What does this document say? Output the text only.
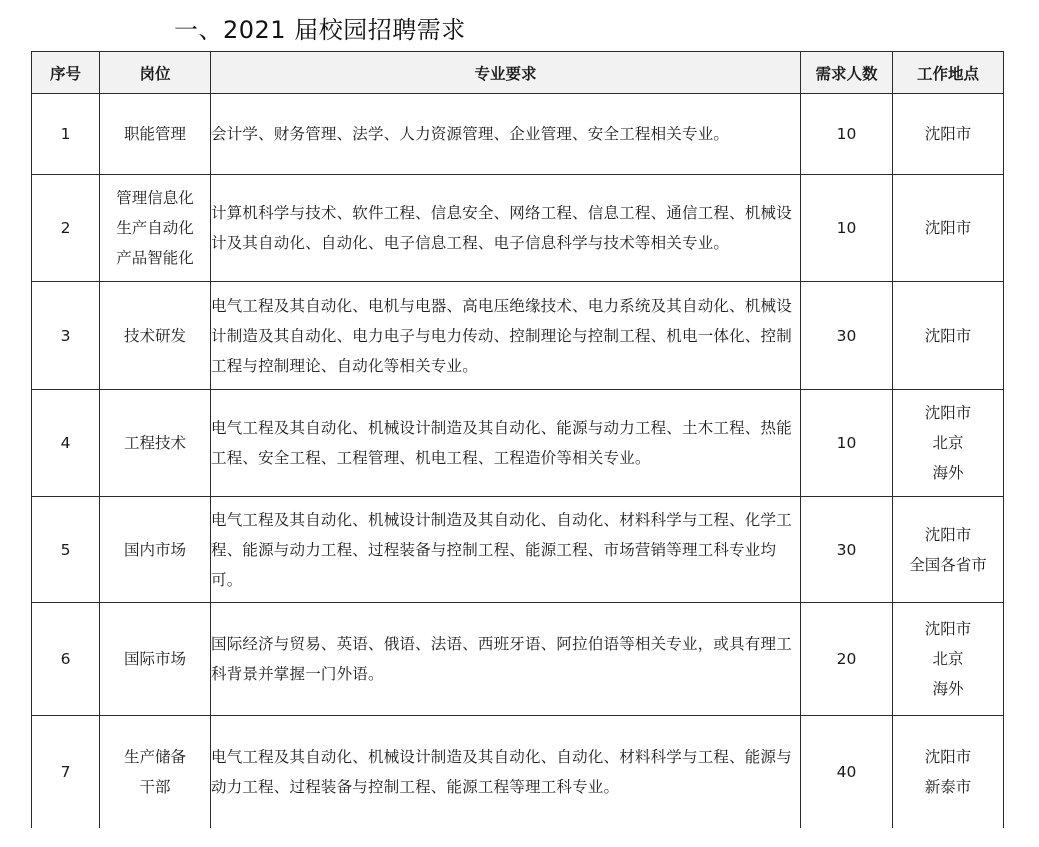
一、2021 届校园招聘需求
序号	岗位	专业要求	需求人数	工作地点
1	职能管理	会计学、财务管理、法学、人力资源管理、企业管理、安全工程相关专业。	10	沈阳市

2	管理信息化
生产自动化
产品智能化	计算机科学与技术、软件工程、信息安全、网络工程、信息工程、通信工程、机械设计及其自动化、自动化、电子信息工程、电子信息科学与技术等相关专业。	10	沈阳市

3	技术研发	电气工程及其自动化、电机与电器、高电压绝缘技术、电力系统及其自动化、机械设计制造及其自动化、电力电子与电力传动、控制理论与控制工程、机电一体化、控制工程与控制理论、自动化等相关专业。	30	沈阳市

4	工程技术	电气工程及其自动化、机械设计制造及其自动化、能源与动力工程、土木工程、热能工程、安全工程、工程管理、机电工程、工程造价等相关专业。	10	沈阳市
北京
海外

5	国内市场	电气工程及其自动化、机械设计制造及其自动化、自动化、材料科学与工程、化学工程、能源与动力工程、过程装备与控制工程、能源工程、市场营销等理工科专业均可。	30	沈阳市
全国各省市

6	国际市场	国际经济与贸易、英语、俄语、法语、西班牙语、阿拉伯语等相关专业，或具有理工科背景并掌握一门外语。	20	沈阳市
北京
海外

7	生产储备
干部	电气工程及其自动化、机械设计制造及其自动化、自动化、材料科学与工程、能源与动力工程、过程装备与控制工程、能源工程等理工科专业。	40	沈阳市
新泰市
